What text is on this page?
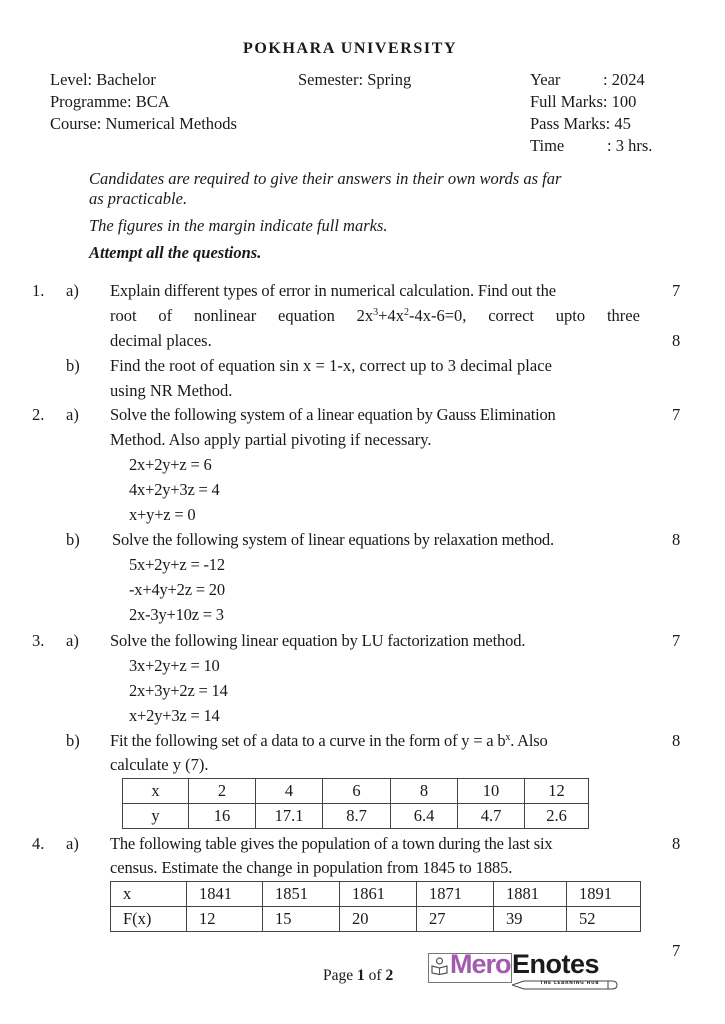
POKHARA UNIVERSITY
Level: Bachelor	Semester: Spring	Year	: 2024
Programme: BCA	Full Marks: 100
Course: Numerical Methods	Pass Marks: 45
Time	: 3 hrs.
Candidates are required to give their answers in their own words as far
as practicable.
The figures in the margin indicate full marks.
Attempt all the questions.
1. a) Explain different types of error in numerical calculation. Find out the	7
root of nonlinear equation $2x^3+4x^2-4x-6=0$, correct upto three
decimal places.	8
b) Find the root of equation sin x = 1-x, correct up to 3 decimal place
using NR Method.
2. a) Solve the following system of a linear equation by Gauss Elimination	7
Method. Also apply partial pivoting if necessary.
2x+2y+z = 6
4x+2y+3z = 4
x+y+z = 0
b) Solve the following system of linear equations by relaxation method.	8
5x+2y+z = -12
-x+4y+2z = 20
2x-3y+10z = 3
3. a) Solve the following linear equation by LU factorization method.	7
3x+2y+z = 10
2x+3y+2z = 14
x+2y+3z = 14
b) Fit the following set of a data to a curve in the form of y = a $b^x$. Also	8
calculate y (7).
x	2	4	6	8	10	12
y	16	17.1	8.7	6.4	4.7	2.6
4. a) The following table gives the population of a town during the last six	8
census. Estimate the change in population from 1845 to 1885.
x	1841	1851	1861	1871	1881	1891
F(x)	12	15	20	27	39	52
7
Page 1 of 2 Mero Enotes
THE LEARNING HUB
